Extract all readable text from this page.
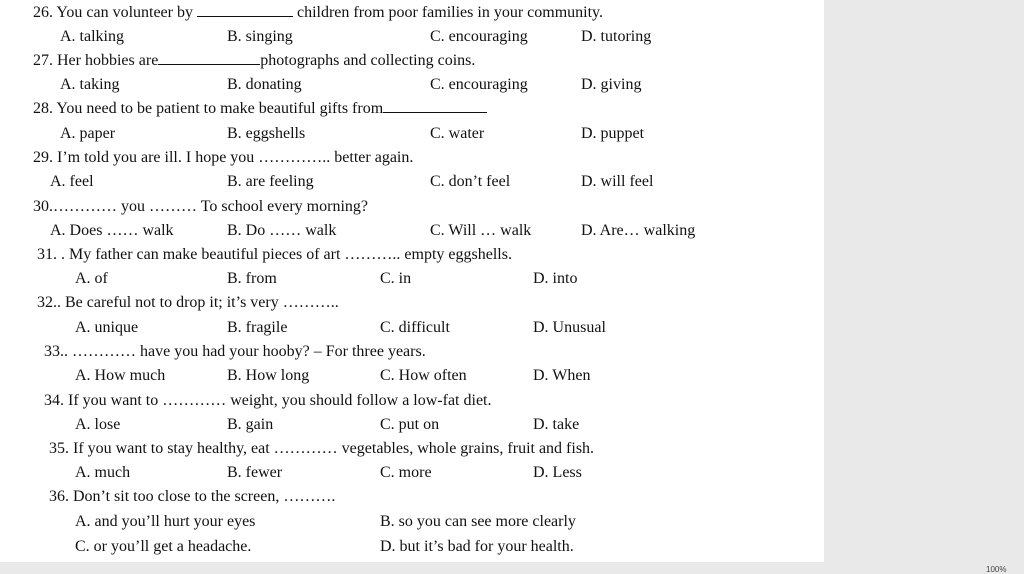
26. You can volunteer by	children from poor families in your community.
A. talking	B. singing	C. encouraging	D. tutoring
27. Her hobbies are	photographs and collecting coins.
A. taking	B. donating	C. encouraging	D. giving
28. You need to be patient to make beautiful gifts from
A. paper	B. eggshells	C. water	D. puppet
29. I’m told you are ill. I hope you ………….. better again.
A. feel	B. are feeling	C. don’t feel	D. will feel
30.………… you ……… To school every morning?
A. Does …… walk	B. Do …… walk	C. Will … walk	D. Are… walking
31. . My father can make beautiful pieces of art ……….. empty eggshells.
A. of	B. from	C. in	D. into
32.. Be careful not to drop it; it’s very ………..
A. unique	B. fragile	C. difficult	D. Unusual
33.. ………… have you had your hooby? – For three years.
A. How much	B. How long	C. How often	D. When
34. If you want to ………… weight, you should follow a low-fat diet.
A. lose	B. gain	C. put on	D. take
35. If you want to stay healthy, eat ………… vegetables, whole grains, fruit and fish.
A. much	B. fewer	C. more	D. Less
36. Don’t sit too close to the screen, ……….
A. and you’ll hurt your eyes	B. so you can see more clearly
C. or you’ll get a headache.	D. but it’s bad for your health.
100%
